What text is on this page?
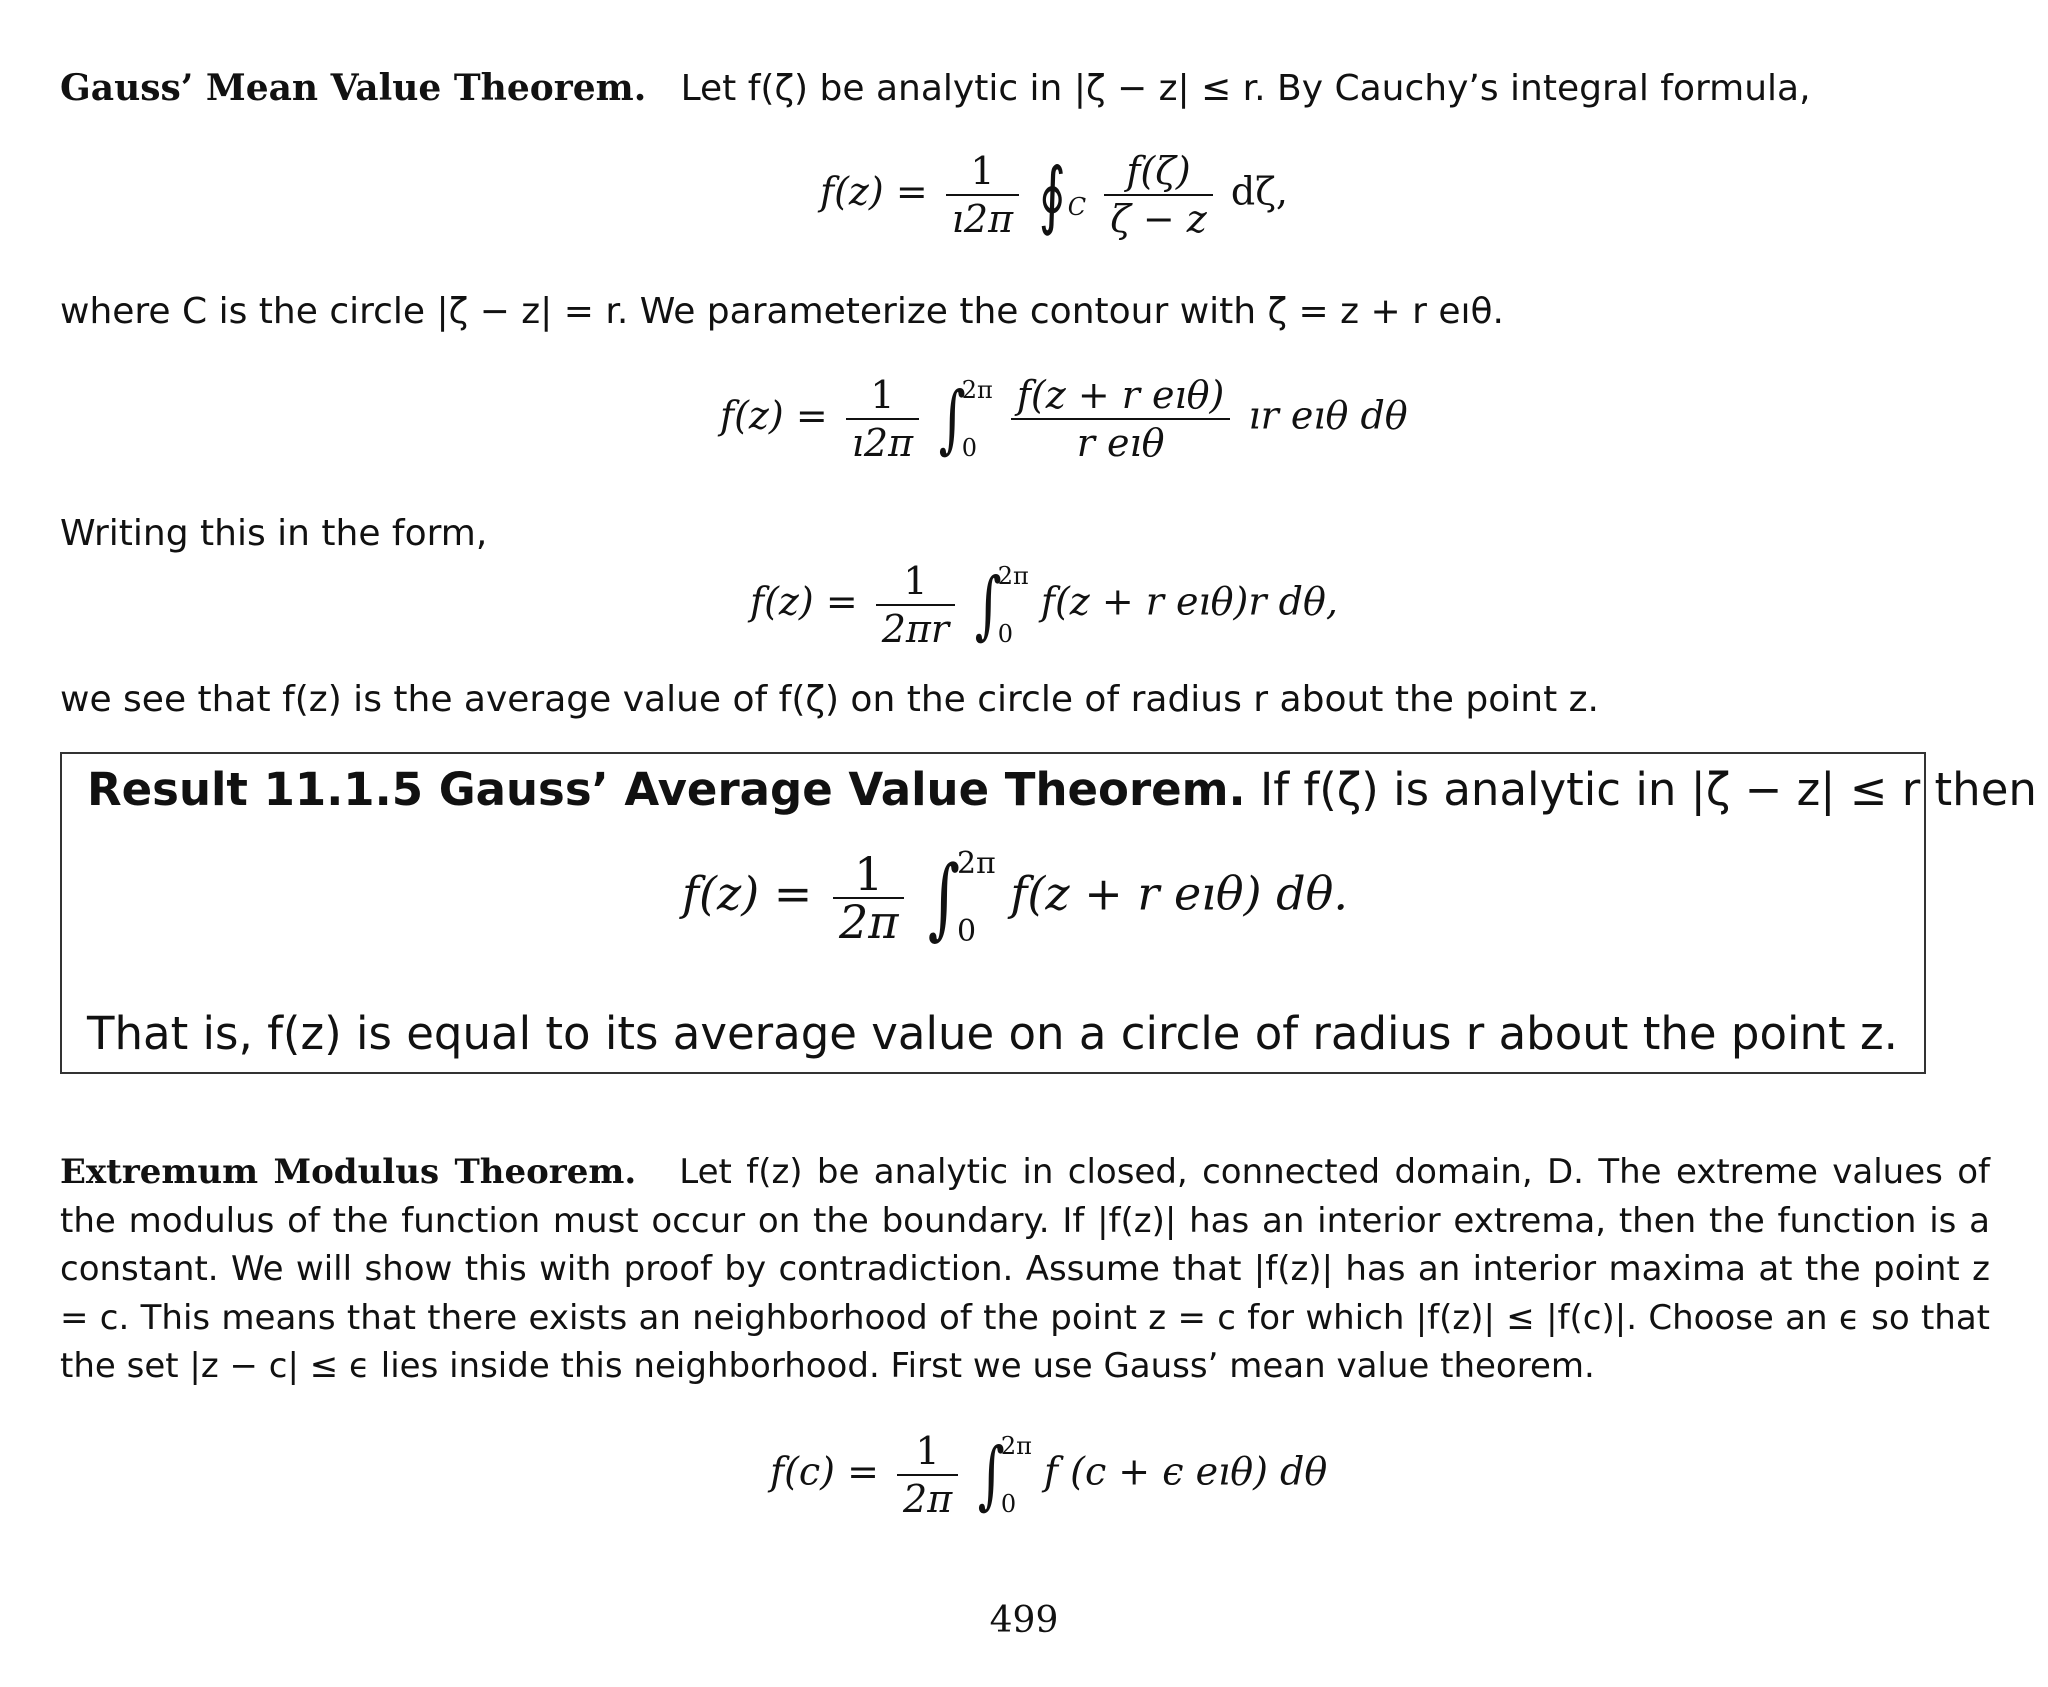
Gauss’ Mean Value Theorem. Let f(ζ) be analytic in |ζ − z| ≤ r. By Cauchy’s integral formula,
$f(z) = \frac{1}{ı2\pi}$ $∮_C \frac{f(\zeta)}{\zeta - z} d\zeta$,
where C is the circle |ζ − z| = r. We parameterize the contour with ζ = z + r eıθ.
$f(z) = \frac{1}{ı2\pi}$ ∫
2π
0
$\frac{\text{f(z + r eıθ)}}{\text{r eıθ}}$ ır eıθ dθ
Writing this in the form,
$f(z) = \frac{1}{2\pi r}$ ∫
2π
0
f(z + r eıθ)r dθ,
we see that f(z) is the average value of f(ζ) on the circle of radius r about the point z.
Result 11.1.5 Gauss’ Average Value Theorem. If f(ζ) is analytic in |ζ − z| ≤ r then
$f(z) = \frac{1}{2\pi}$ ∫
2π
0
f(z + r eıθ) dθ.
That is, f(z) is equal to its average value on a circle of radius r about the point z.
Extremum Modulus Theorem. Let f(z) be analytic in closed, connected domain, D. The extreme values of the modulus of the function must occur on the boundary. If |f(z)| has an interior extrema, then the function is a constant. We will show this with proof by contradiction. Assume that |f(z)| has an interior maxima at the point z = c. This means that there exists an neighborhood of the point z = c for which |f(z)| ≤ |f(c)|. Choose an ϵ so that the set |z − c| ≤ ϵ lies inside this neighborhood. First we use Gauss’ mean value theorem.
$f(c) = \frac{1}{2\pi}$ ∫
2π
0
f (c + ϵ eıθ) dθ
499
